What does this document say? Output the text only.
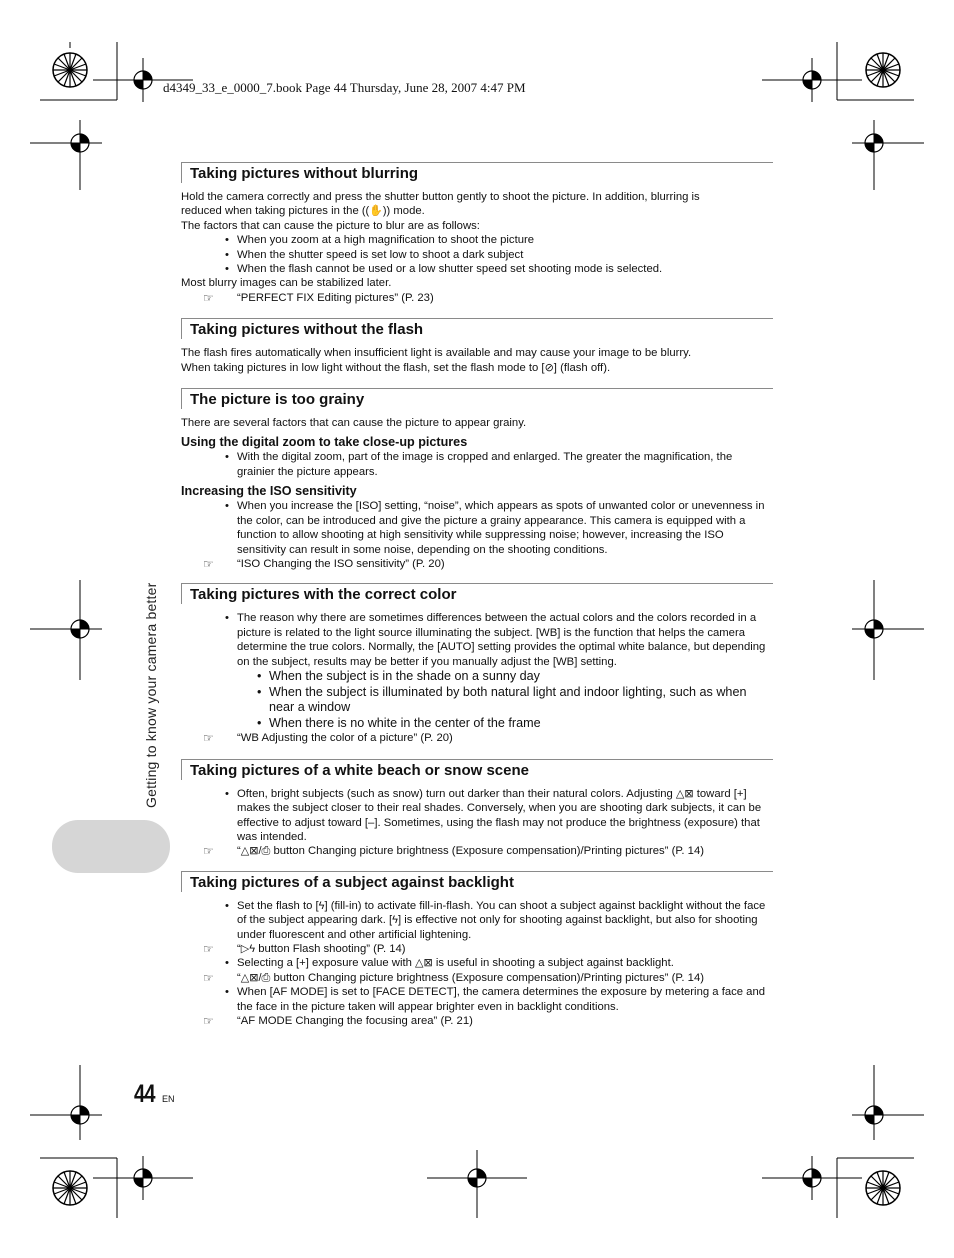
d4349_33_e_0000_7.book Page 44 Thursday, June 28, 2007 4:47 PM
Getting to know your camera better
Taking pictures without blurring

Hold the camera correctly and press the shutter button gently to shoot the picture. In addition, blurring is

reduced when taking pictures in the ((✋)) mode.

The factors that can cause the picture to blur are as follows:

• When you zoom at a high magnification to shoot the picture
• When the shutter speed is set low to shoot a dark subject
• When the flash cannot be used or a low shutter speed set shooting mode is selected.

Most blurry images can be stabilized later.

☞ “PERFECT FIX Editing pictures” (P. 23)
Taking pictures without the flash

The flash fires automatically when insufficient light is available and may cause your image to be blurry.

When taking pictures in low light without the flash, set the flash mode to [⊘] (flash off).

The picture is too grainy

There are several factors that can cause the picture to appear grainy.

Using the digital zoom to take close-up pictures
• With the digital zoom, part of the image is cropped and enlarged. The greater the magnification, the grainier the picture appears.
Increasing the ISO sensitivity
• When you increase the [ISO] setting, “noise”, which appears as spots of unwanted color or unevenness in the color, can be introduced and give the picture a grainy appearance. This camera is equipped with a function to allow shooting at high sensitivity while suppressing noise; however, increasing the ISO sensitivity can result in some noise, depending on the shooting conditions.
☞ “ISO Changing the ISO sensitivity” (P. 20)
Taking pictures with the correct color
• The reason why there are sometimes differences between the actual colors and the colors recorded in a picture is related to the light source illuminating the subject. [WB] is the function that helps the camera determine the true colors. Normally, the [AUTO] setting provides the optimal white balance, but depending on the subject, results may be better if you manually adjust the [WB] setting.
• When the subject is in the shade on a sunny day
• When the subject is illuminated by both natural light and indoor lighting, such as when near a window
• When there is no white in the center of the frame
☞ “WB Adjusting the color of a picture” (P. 20)
Taking pictures of a white beach or snow scene
• Often, bright subjects (such as snow) turn out darker than their natural colors. Adjusting △⊠ toward [+] makes the subject closer to their real shades. Conversely, when you are shooting dark subjects, it can be effective to adjust toward [–]. Sometimes, using the flash may not produce the brightness (exposure) that was intended.
☞ “△⊠/⎙ button Changing picture brightness (Exposure compensation)/Printing pictures” (P. 14)
Taking pictures of a subject against backlight
• Set the flash to [ϟ] (fill-in) to activate fill-in-flash. You can shoot a subject against backlight without the face of the subject appearing dark. [ϟ] is effective not only for shooting against backlight, but also for shooting under fluorescent and other artificial lightening.
☞ “▷ϟ button Flash shooting” (P. 14)
• Selecting a [+] exposure value with △⊠ is useful in shooting a subject against backlight.
☞ “△⊠/⎙ button Changing picture brightness (Exposure compensation)/Printing pictures” (P. 14)
• When [AF MODE] is set to [FACE DETECT], the camera determines the exposure by metering a face and the face in the picture taken will appear brighter even in backlight conditions.
☞ “AF MODE Changing the focusing area” (P. 21)
44 EN
